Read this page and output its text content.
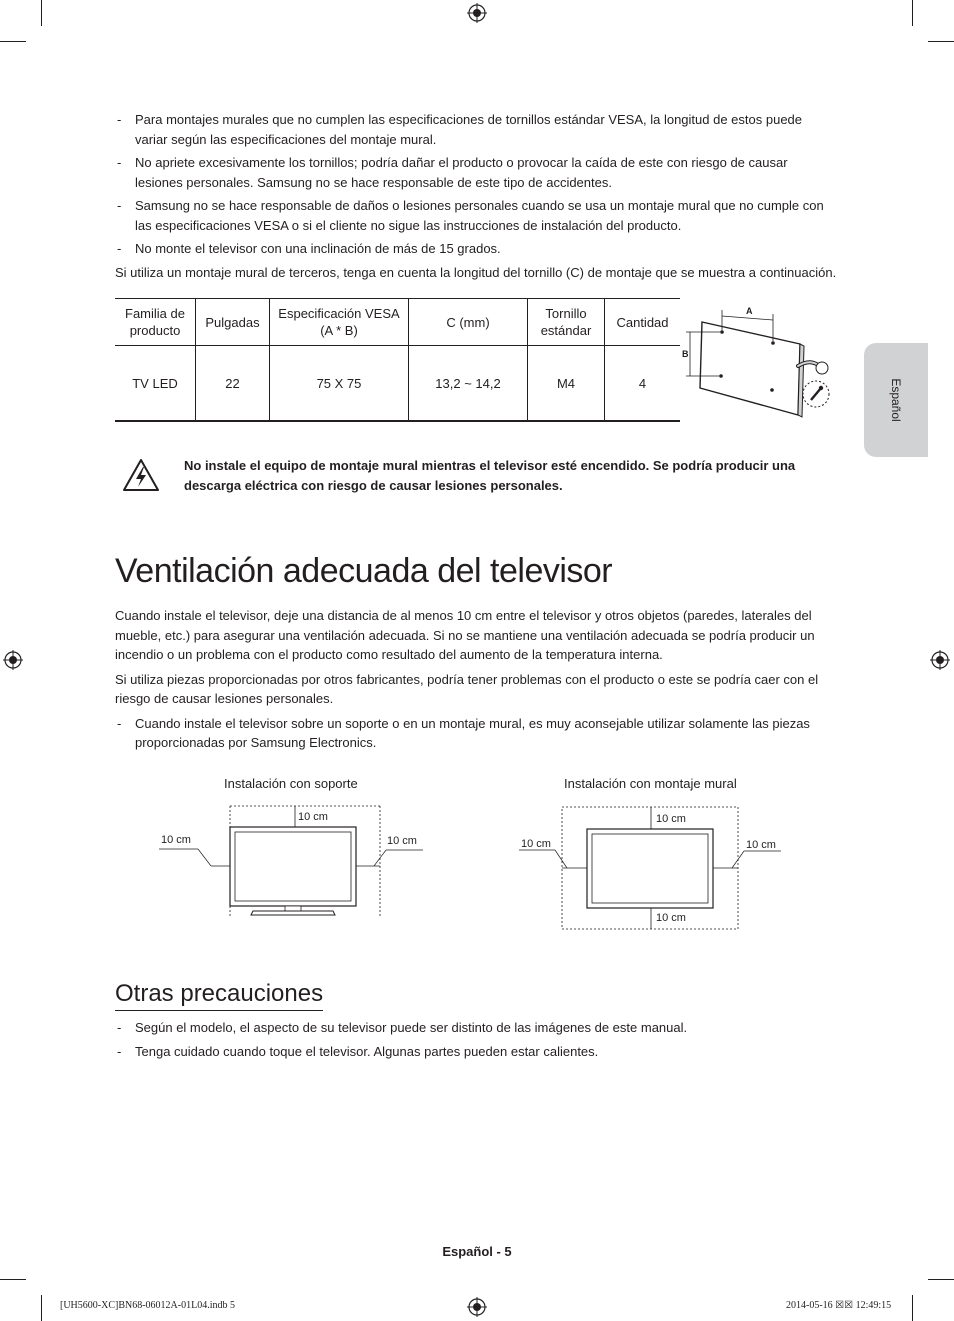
- Para montajes murales que no cumplen las especificaciones de tornillos estándar VESA, la longitud de estos puede variar según las especificaciones del montaje mural.
- No apriete excesivamente los tornillos; podría dañar el producto o provocar la caída de este con riesgo de causar lesiones personales. Samsung no se hace responsable de este tipo de accidentes.
- Samsung no se hace responsable de daños o lesiones personales cuando se usa un montaje mural que no cumple con las especificaciones VESA o si el cliente no sigue las instrucciones de instalación del producto.
- No monte el televisor con una inclinación de más de 15 grados.

Si utiliza un montaje mural de terceros, tenga en cuenta la longitud del tornillo (C) de montaje que se muestra a continuación.

Familia de producto	Pulgadas	Especificación VESA (A * B)	C (mm)	Tornillo estándar	Cantidad
TV LED	22	75 X 75	13,2 ~ 14,2	M4	4
A
B
No instale el equipo de montaje mural mientras el televisor esté encendido. Se podría producir una descarga eléctrica con riesgo de causar lesiones personales.
Ventilación adecuada del televisor

Cuando instale el televisor, deje una distancia de al menos 10 cm entre el televisor y otros objetos (paredes, laterales del mueble, etc.) para asegurar una ventilación adecuada. Si no se mantiene una ventilación adecuada se podría producir un incendio o un problema con el producto como resultado del aumento de la temperatura interna.

Si utiliza piezas proporcionadas por otros fabricantes, podría tener problemas con el producto o este se podría caer con el riesgo de causar lesiones personales.

- Cuando instale el televisor sobre un soporte o en un montaje mural, es muy aconsejable utilizar solamente las piezas proporcionadas por Samsung Electronics.
Instalación con soporte
10 cm
10 cm	10 cm
Instalación con montaje mural
10 cm
10 cm
10 cm	10 cm
Otras precauciones
- Según el modelo, el aspecto de su televisor puede ser distinto de las imágenes de este manual.
- Tenga cuidado cuando toque el televisor. Algunas partes pueden estar calientes.
Español
Español - 5
[UH5600-XC]BN68-06012A-01L04.indb 5	2014-05-16 ☒☒ 12:49:15
